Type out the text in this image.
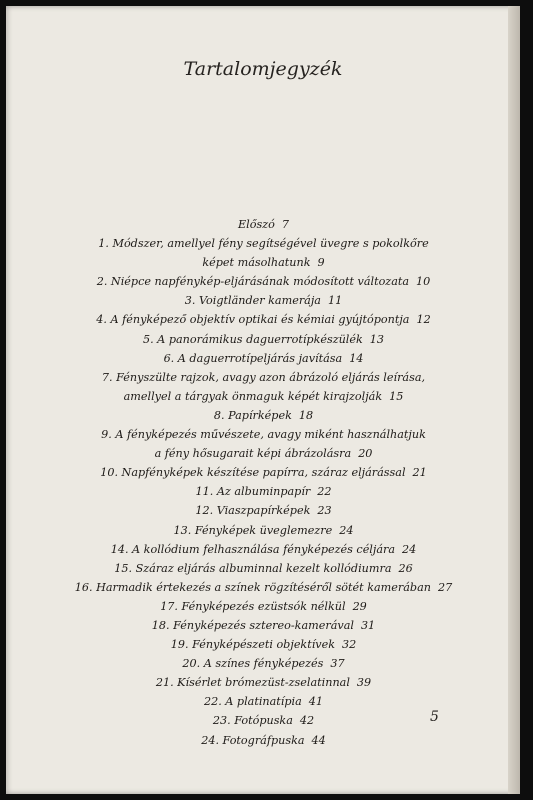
Tartalomjegyzék
Előszó 7
1. Módszer, amellyel fény segítségével üvegre s pokolkőre
képet másolhatunk 9
2. Niépce napfénykép-eljárásának módosított változata 10
3. Voigtländer kamerája 11
4. A fényképező objektív optikai és kémiai gyújtópontja 12
5. A panorámikus daguerrotípkészülék 13
6. A daguerrotípeljárás javítása 14
7. Fényszülte rajzok, avagy azon ábrázoló eljárás leírása,
amellyel a tárgyak önmaguk képét kirajzolják 15
8. Papírképek 18
9. A fényképezés művészete, avagy miként használhatjuk
a fény hősugarait képi ábrázolásra 20
10. Napfényképek készítése papírra, száraz eljárással 21
11. Az albuminpapír 22
12. Viaszpapírképek 23
13. Fényképek üveglemezre 24
14. A kollódium felhasználása fényképezés céljára 24
15. Száraz eljárás albuminnal kezelt kollódiumra 26
16. Harmadik értekezés a színek rögzítéséről sötét kamerában 27
17. Fényképezés ezüstsók nélkül 29
18. Fényképezés sztereo-kamerával 31
19. Fényképészeti objektívek 32
20. A színes fényképezés 37
21. Kísérlet brómezüst-zselatinnal 39
22. A platinatípia 41
23. Fotópuska 42
24. Fotográfpuska 44
5
